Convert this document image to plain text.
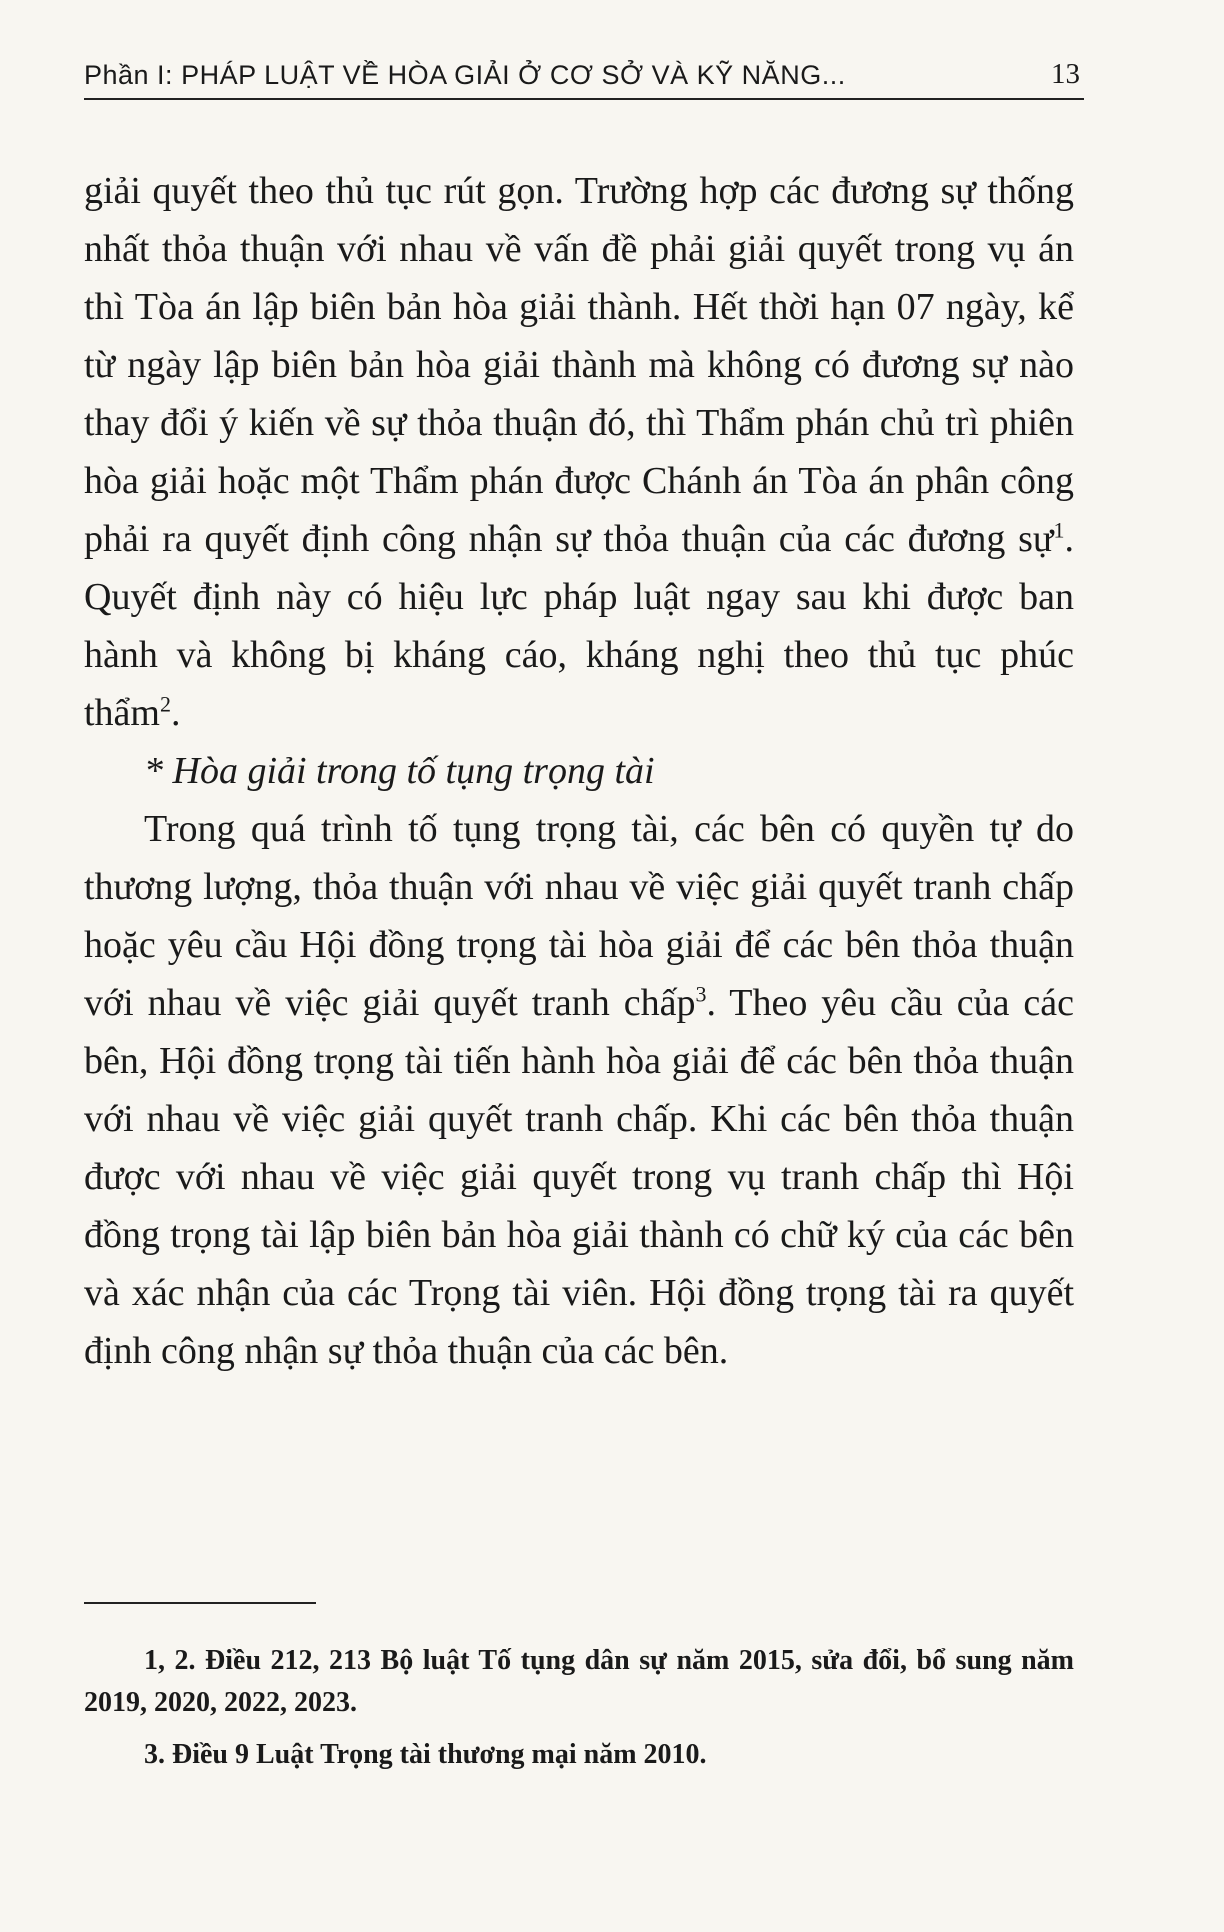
Phần I: PHÁP LUẬT VỀ HÒA GIẢI Ở CƠ SỞ VÀ KỸ NĂNG...	13

giải quyết theo thủ tục rút gọn. Trường hợp các đương sự thống nhất thỏa thuận với nhau về vấn đề phải giải quyết trong vụ án thì Tòa án lập biên bản hòa giải thành. Hết thời hạn 07 ngày, kể từ ngày lập biên bản hòa giải thành mà không có đương sự nào thay đổi ý kiến về sự thỏa thuận đó, thì Thẩm phán chủ trì phiên hòa giải hoặc một Thẩm phán được Chánh án Tòa án phân công phải ra quyết định công nhận sự thỏa thuận của các đương sự$^1$. Quyết định này có hiệu lực pháp luật ngay sau khi được ban hành và không bị kháng cáo, kháng nghị theo thủ tục phúc thẩm$^2$.

* Hòa giải trong tố tụng trọng tài

Trong quá trình tố tụng trọng tài, các bên có quyền tự do thương lượng, thỏa thuận với nhau về việc giải quyết tranh chấp hoặc yêu cầu Hội đồng trọng tài hòa giải để các bên thỏa thuận với nhau về việc giải quyết tranh chấp$^3$. Theo yêu cầu của các bên, Hội đồng trọng tài tiến hành hòa giải để các bên thỏa thuận với nhau về việc giải quyết tranh chấp. Khi các bên thỏa thuận được với nhau về việc giải quyết trong vụ tranh chấp thì Hội đồng trọng tài lập biên bản hòa giải thành có chữ ký của các bên và xác nhận của các Trọng tài viên. Hội đồng trọng tài ra quyết định công nhận sự thỏa thuận của các bên.

1, 2. Điều 212, 213 Bộ luật Tố tụng dân sự năm 2015, sửa đổi, bổ sung năm 2019, 2020, 2022, 2023.

3. Điều 9 Luật Trọng tài thương mại năm 2010.
